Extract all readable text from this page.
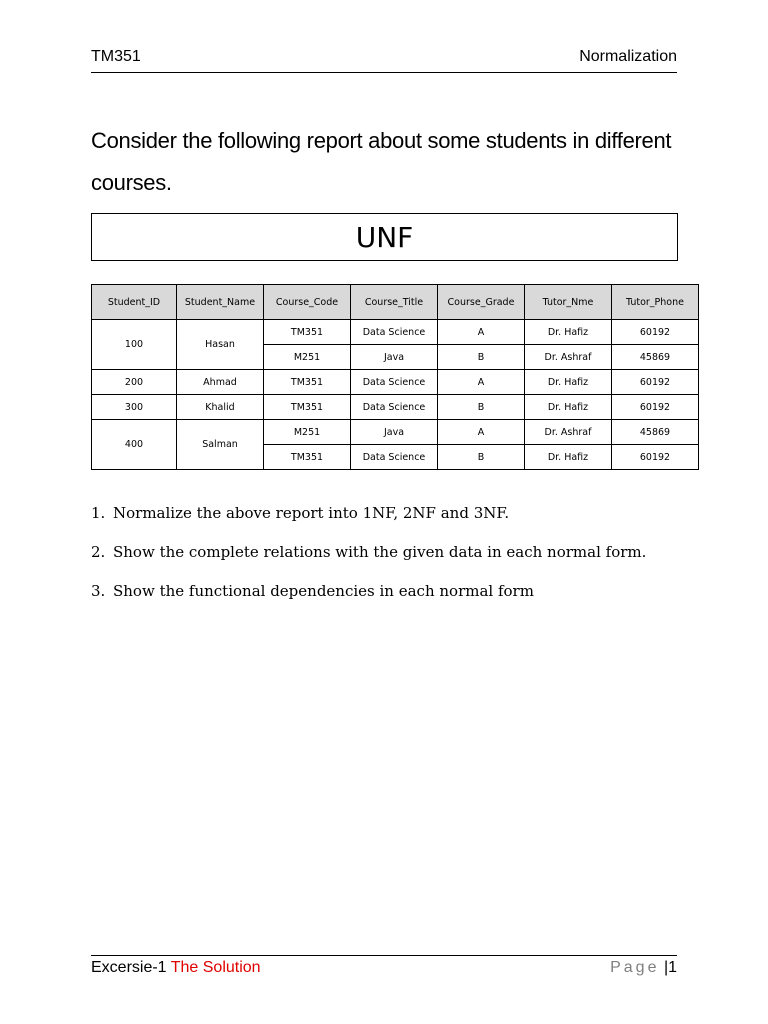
TM351	Normalization
Consider the following report about some students in different courses.
UNF
Student_ID	Student_Name	Course_Code	Course_Title	Course_Grade	Tutor_Nme	Tutor_Phone
100	Hasan	TM351	Data Science	A	Dr. Hafiz	60192
		M251	Java	B	Dr. Ashraf	45869
200	Ahmad	TM351	Data Science	A	Dr. Hafiz	60192
300	Khalid	TM351	Data Science	B	Dr. Hafiz	60192
400	Salman	M251	Java	A	Dr. Ashraf	45869
		TM351	Data Science	B	Dr. Hafiz	60192
1. Normalize the above report into 1NF, 2NF and 3NF.
2. Show the complete relations with the given data in each normal form.
3. Show the functional dependencies in each normal form
Excersie-1 The Solution	Page |1
